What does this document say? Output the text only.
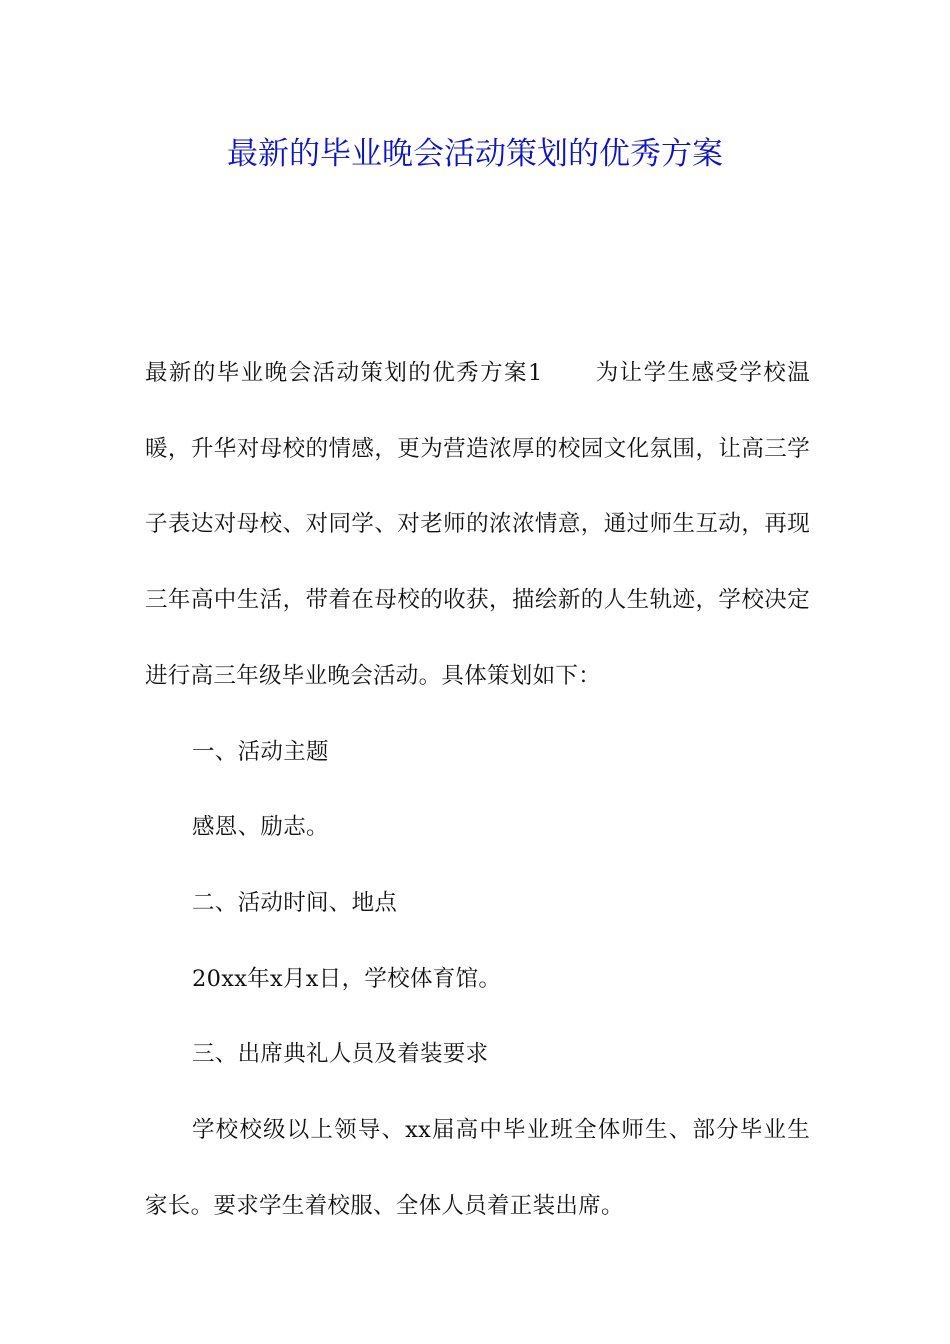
最新的毕业晚会活动策划的优秀方案

最新的毕业晚会活动策划的优秀方案1 为让学生感受学校温暖，升华对母校的情感，更为营造浓厚的校园文化氛围，让高三学子表达对母校、对同学、对老师的浓浓情意，通过师生互动，再现三年高中生活，带着在母校的收获，描绘新的人生轨迹，学校决定进行高三年级毕业晚会活动。具体策划如下：

一、活动主题

感恩、励志。

二、活动时间、地点

20xx年x月x日，学校体育馆。

三、出席典礼人员及着装要求

学校校级以上领导、xx届高中毕业班全体师生、部分毕业生家长。要求学生着校服、全体人员着正装出席。
